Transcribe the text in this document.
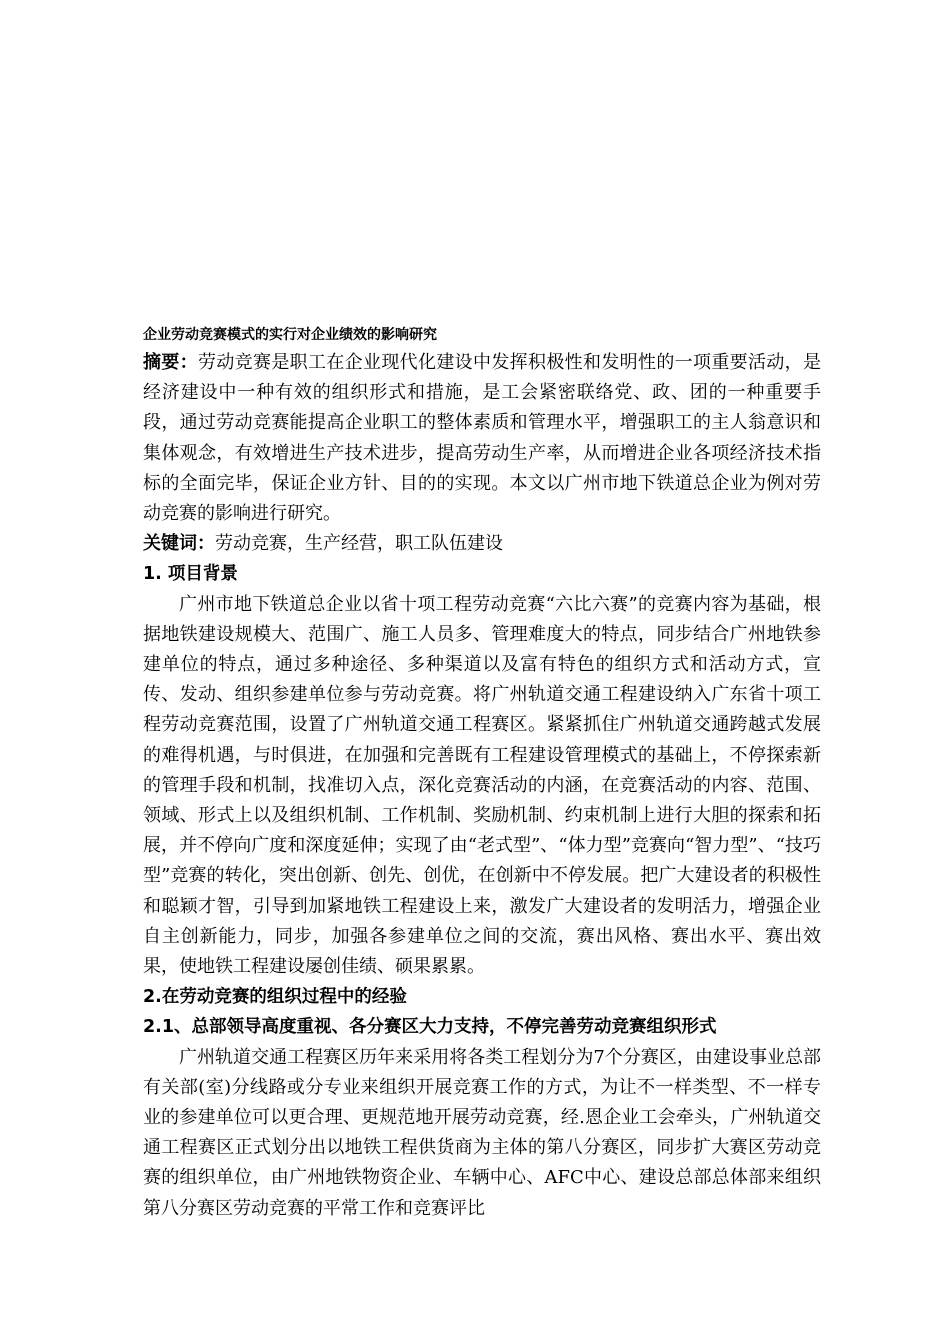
企业劳动竞赛模式的实行对企业绩效的影响研究

摘要：劳动竞赛是职工在企业现代化建设中发挥积极性和发明性的一项重要活动，是经济建设中一种有效的组织形式和措施，是工会紧密联络党、政、团的一种重要手段，通过劳动竞赛能提高企业职工的整体素质和管理水平，增强职工的主人翁意识和集体观念，有效增进生产技术进步，提高劳动生产率，从而增进企业各项经济技术指标的全面完毕，保证企业方针、目的的实现。本文以广州市地下铁道总企业为例对劳动竞赛的影响进行研究。

关键词：劳动竞赛，生产经营，职工队伍建设

1. 项目背景

广州市地下铁道总企业以省十项工程劳动竞赛“六比六赛”的竞赛内容为基础，根据地铁建设规模大、范围广、施工人员多、管理难度大的特点，同步结合广州地铁参建单位的特点，通过多种途径、多种渠道以及富有特色的组织方式和活动方式，宣传、发动、组织参建单位参与劳动竞赛。将广州轨道交通工程建设纳入广东省十项工程劳动竞赛范围，设置了广州轨道交通工程赛区。紧紧抓住广州轨道交通跨越式发展的难得机遇，与时俱进，在加强和完善既有工程建设管理模式的基础上，不停探索新的管理手段和机制，找准切入点，深化竞赛活动的内涵，在竞赛活动的内容、范围、领域、形式上以及组织机制、工作机制、奖励机制、约束机制上进行大胆的探索和拓展，并不停向广度和深度延伸；实现了由“老式型”、“体力型”竞赛向“智力型”、“技巧型”竞赛的转化，突出创新、创先、创优，在创新中不停发展。把广大建设者的积极性和聪颖才智，引导到加紧地铁工程建设上来，激发广大建设者的发明活力，增强企业自主创新能力，同步，加强各参建单位之间的交流，赛出风格、赛出水平、赛出效果，使地铁工程建设屡创佳绩、硕果累累。

2.在劳动竞赛的组织过程中的经验
2.1、总部领导高度重视、各分赛区大力支持，不停完善劳动竞赛组织形式

广州轨道交通工程赛区历年来采用将各类工程划分为7个分赛区，由建设事业总部有关部(室)分线路或分专业来组织开展竞赛工作的方式，为让不一样类型、不一样专业的参建单位可以更合理、更规范地开展劳动竞赛，经.恩企业工会牵头，广州轨道交通工程赛区正式划分出以地铁工程供货商为主体的第八分赛区，同步扩大赛区劳动竞赛的组织单位，由广州地铁物资企业、车辆中心、AFC中心、建设总部总体部来组织第八分赛区劳动竞赛的平常工作和竞赛评比
